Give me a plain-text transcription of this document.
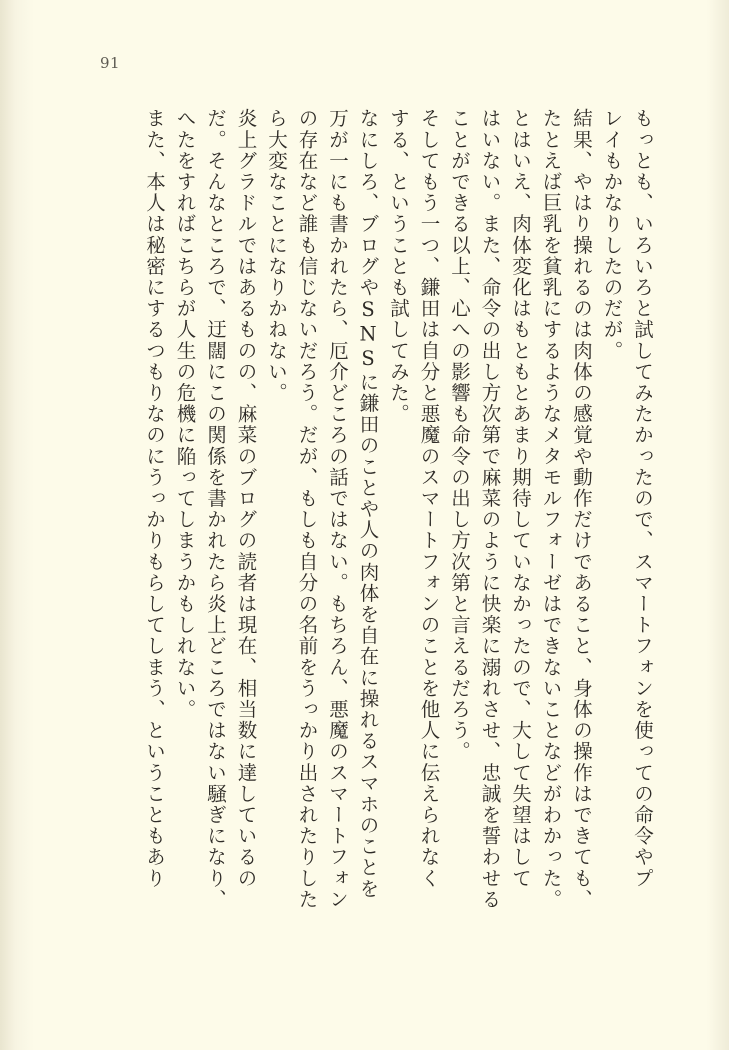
91
もっとも、いろいろと試してみたかったので、スマートフォンを使っての命令やプ
レイもかなりしたのだが。
結果、やはり操れるのは肉体の感覚や動作だけであること、身体の操作はできても、
たとえば巨乳を貧乳にするようなメタモルフォーゼはできないことなどがわかった。
とはいえ、肉体変化はもともとあまり期待していなかったので、大して失望はして
はいない。また、命令の出し方次第で麻菜のように快楽に溺れさせ、忠誠を誓わせる
ことができる以上、心への影響も命令の出し方次第と言えるだろう。
そしてもう一つ、鎌田は自分と悪魔のスマートフォンのことを他人に伝えられなく
する、ということも試してみた。
なにしろ、ブログやSNSに鎌田のことや人の肉体を自在に操れるスマホのことを
万が一にも書かれたら、厄介どころの話ではない。もちろん、悪魔のスマートフォン
の存在など誰も信じないだろう。だが、もしも自分の名前をうっかり出されたりした
ら大変なことになりかねない。
炎上グラドルではあるものの、麻菜のブログの読者は現在、相当数に達しているの
だ。そんなところで、迂闊にこの関係を書かれたら炎上どころではない騒ぎになり、
へたをすればこちらが人生の危機に陥ってしまうかもしれない。
また、本人は秘密にするつもりなのにうっかりもらしてしまう、ということもあり
